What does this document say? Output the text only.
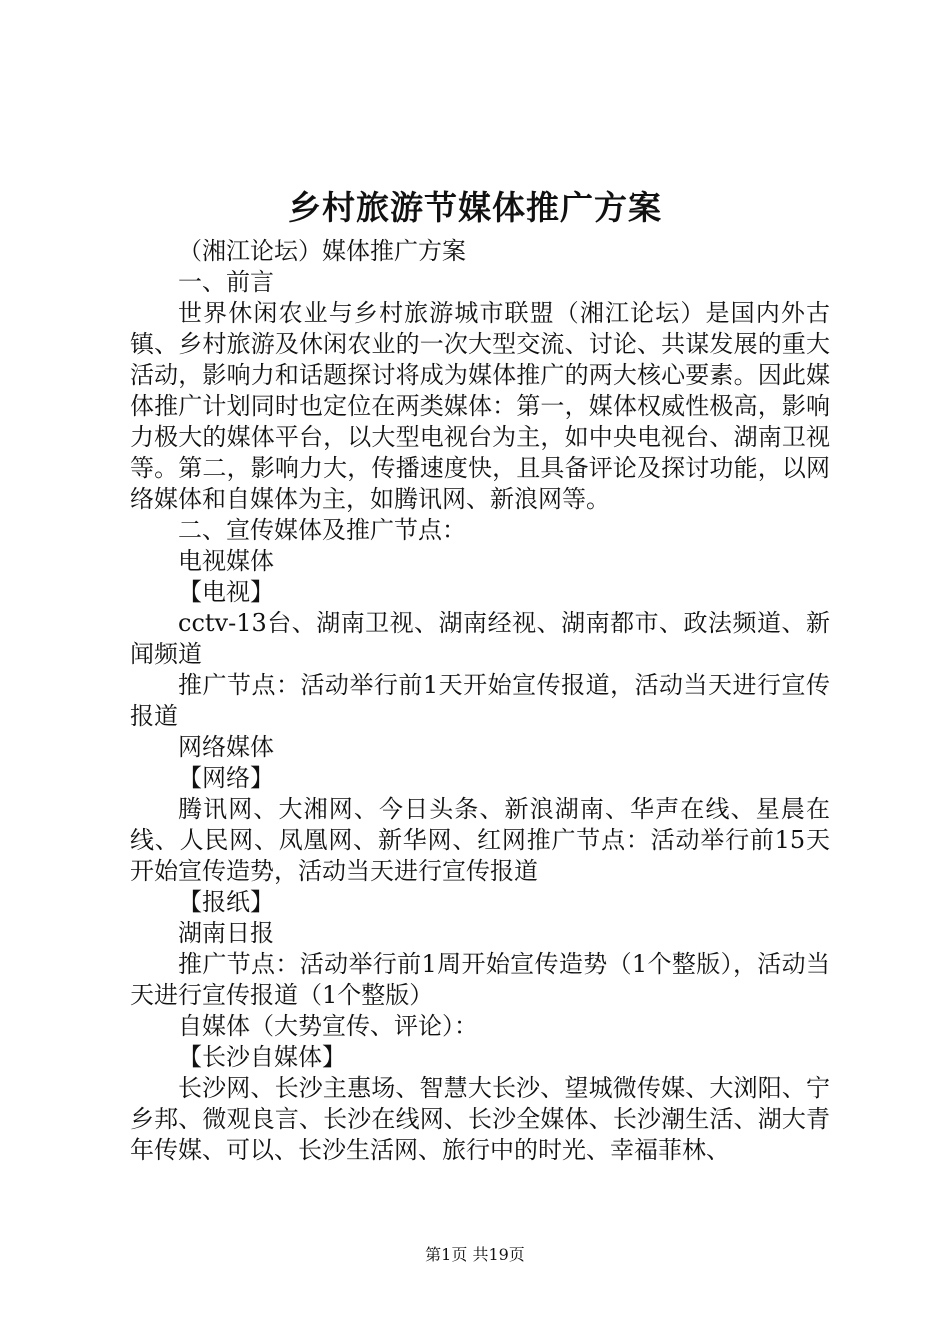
乡村旅游节媒体推广方案

（湘江论坛）媒体推广方案

一、前言

世界休闲农业与乡村旅游城市联盟（湘江论坛）是国内外古镇、乡村旅游及休闲农业的一次大型交流、讨论、共谋发展的重大活动，影响力和话题探讨将成为媒体推广的两大核心要素。因此媒体推广计划同时也定位在两类媒体：第一，媒体权威性极高，影响力极大的媒体平台，以大型电视台为主，如中央电视台、湖南卫视等。第二，影响力大，传播速度快，且具备评论及探讨功能，以网络媒体和自媒体为主，如腾讯网、新浪网等。

二、宣传媒体及推广节点：

电视媒体

【电视】

cctv-13台、湖南卫视、湖南经视、湖南都市、政法频道、新闻频道

推广节点：活动举行前1天开始宣传报道，活动当天进行宣传报道

网络媒体

【网络】

腾讯网、大湘网、今日头条、新浪湖南、华声在线、星晨在线、人民网、凤凰网、新华网、红网推广节点：活动举行前15天开始宣传造势，活动当天进行宣传报道

【报纸】

湖南日报

推广节点：活动举行前1周开始宣传造势（1个整版），活动当天进行宣传报道（1个整版）

自媒体（大势宣传、评论）：

【长沙自媒体】

长沙网、长沙主惠场、智慧大长沙、望城微传媒、大浏阳、宁乡邦、微观良言、长沙在线网、长沙全媒体、长沙潮生活、湖大青年传媒、可以、长沙生活网、旅行中的时光、幸福菲林、

第1页 共19页
